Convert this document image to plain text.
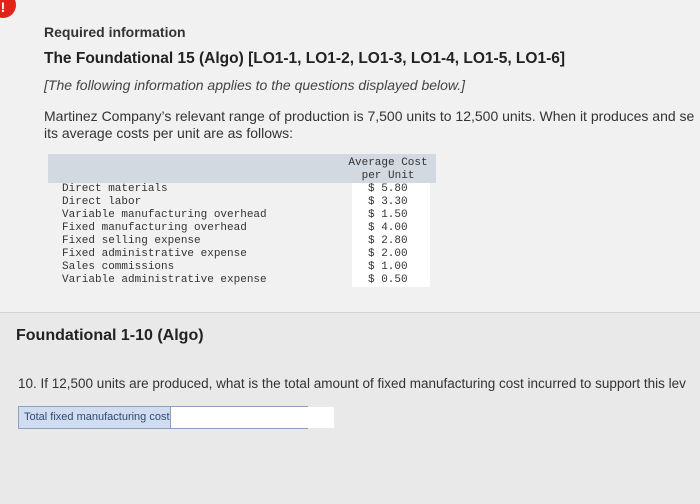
!
Required information
The Foundational 15 (Algo) [LO1-1, LO1-2, LO1-3, LO1-4, LO1-5, LO1-6]
[The following information applies to the questions displayed below.]
Martinez Company’s relevant range of production is 7,500 units to 12,500 units. When it produces and se
its average costs per unit are as follows:
Average Cost
per Unit
Direct materials	$ 5.80
Direct labor	$ 3.30
Variable manufacturing overhead	$ 1.50
Fixed manufacturing overhead	$ 4.00
Fixed selling expense	$ 2.80
Fixed administrative expense	$ 2.00
Sales commissions	$ 1.00
Variable administrative expense	$ 0.50
Foundational 1-10 (Algo)
10. If 12,500 units are produced, what is the total amount of fixed manufacturing cost incurred to support this lev
Total fixed manufacturing cost
